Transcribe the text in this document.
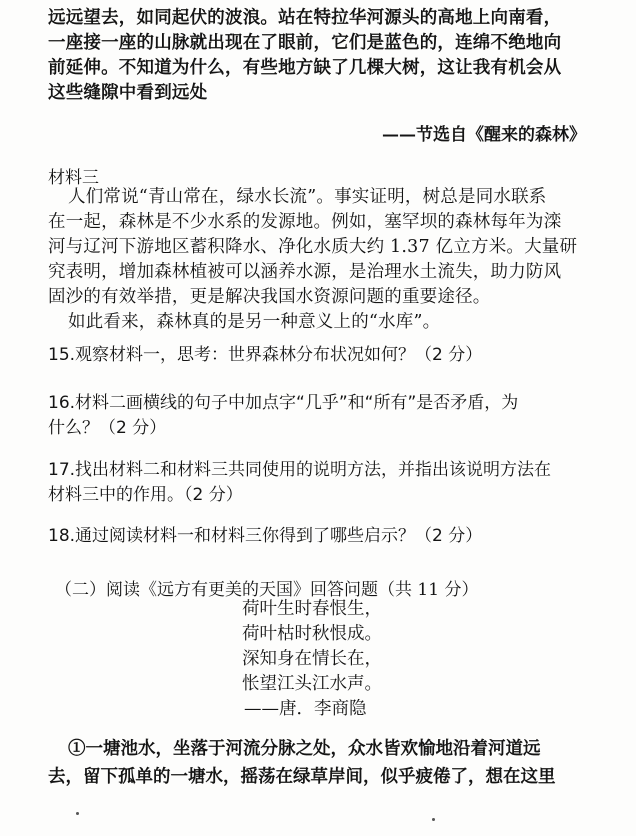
远远望去，如同起伏的波浪。站在特拉华河源头的高地上向南看，
一座接一座的山脉就出现在了眼前，它们是蓝色的，连绵不绝地向
前延伸。不知道为什么，有些地方缺了几棵大树，这让我有机会从
这些缝隙中看到远处
——节选自《醒来的森林》
材料三
人们常说“青山常在，绿水长流”。事实证明，树总是同水联系
在一起，森林是不少水系的发源地。例如，塞罕坝的森林每年为滦
河与辽河下游地区蓄积降水、净化水质大约 1.37 亿立方米。大量研
究表明，增加森林植被可以涵养水源，是治理水土流失，助力防风
固沙的有效举措，更是解决我国水资源问题的重要途径。
如此看来，森林真的是另一种意义上的“水库”。
15.观察材料一，思考：世界森林分布状况如何？（2 分）
16.材料二画横线的句子中加点字“几乎”和“所有”是否矛盾，为
什么？（2 分）
17.找出材料二和材料三共同使用的说明方法，并指出该说明方法在
材料三中的作用。（2 分）
18.通过阅读材料一和材料三你得到了哪些启示？（2 分）
（二）阅读《远方有更美的天国》回答问题（共 11 分）
荷叶生时春恨生，
荷叶枯时秋恨成。
深知身在情长在，
怅望江头江水声。
——唐．李商隐
①一塘池水，坐落于河流分脉之处，众水皆欢愉地沿着河道远
去，留下孤单的一塘水，摇荡在绿草岸间，似乎疲倦了，想在这里
